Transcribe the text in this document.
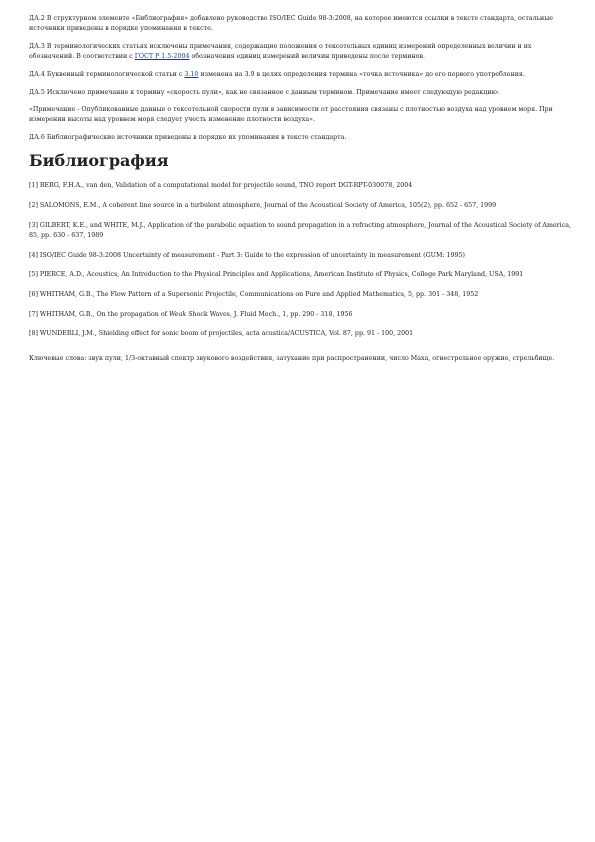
ДА.2 В структурном элементе «Библиография» добавлено руководство ISO/IEC Guide 98-3:2008, на которое имеются ссылки в тексте стандарта, остальные источники приведены в порядке упоминания в тексте.

ДА.3 В терминологических статьях исключены примечания, содержащие положения о тексотельных единиц измерений определенных величин и их обозначений. В соответствии с ГОСТ Р 1.5-2004 обозначения единиц измерений величин приведены после терминов.

ДА.4 Буквенный терминологической статьи с 3.10 изменена на 3.9 в целях определения термина «точка источника» до его первого употребления.

ДА.5 Исключено примечание к термину «скорость пули», как не связанное с данным термином. Примечание имеет следующую редакцию:

«Примечание - Опубликованные данные о тексотельной скорости пули в зависимости от расстояния связаны с плотностью воздуха над уровнем моря. При измерении высоты над уровнем моря следует учесть изменение плотности воздуха».

ДА.6 Библиографические источники приведены в порядке их упоминания в тексте стандарта.

Библиография

[1] BERG, F.H.A., van den, Validation of a computational model for projectile sound, TNO report DGT-RPT-030078, 2004

[2] SALOMONS, E.M., A coherent line source in a turbulent atmosphere, Journal of the Acoustical Society of America, 105(2), pp. 652 - 657, 1999

[3] GILBERT, K.E., and WHITE, M.J., Application of the parabolic equation to sound propagation in a refracting atmosphere, Journal of the Acoustical Society of America, 85, pp. 630 - 637, 1989

[4] ISO/IEC Guide 98-3:2008 Uncertainty of measurement - Part 3: Guide to the expression of uncertainty in measurement (GUM: 1995)

[5] PIERCE, A.D., Acoustics, An Introduction to the Physical Principles and Applications, American Institute of Physics, College Park Maryland, USA, 1991

[6] WHITHAM, G.B., The Flow Pattern of a Supersonic Projectile, Communications on Pure and Applied Mathematics, 5, pp. 301 - 348, 1952

[7] WHITHAM, G.B., On the propagation of Weak Shock Waves, J. Fluid Mech., 1, pp. 290 - 318, 1956

[8] WUNDERLI, J.M., Shielding effect for sonic boom of projectiles, acta acustica/ACUSTICA, Vol. 87, pp. 91 - 100, 2001

Ключевые слова: звук пули, 1/3-октавный спектр звукового воздействия, затухание при распространении, число Маха, огнестрельное оружие, стрельбище.
